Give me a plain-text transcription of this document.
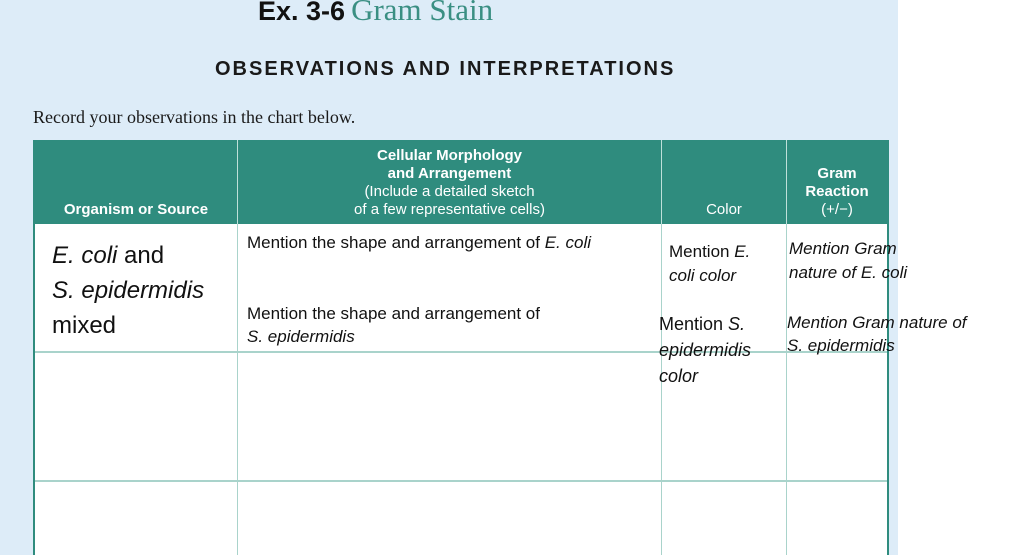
Ex. 3-6 Gram Stain
OBSERVATIONS AND INTERPRETATIONS
Record your observations in the chart below.
Organism or Source
Cellular Morphology
and Arrangement
(Include a detailed sketch
of a few representative cells)	Color
Gram
Reaction
(+/−)
E. coli and
S. epidermidis
mixed
Mention the shape and arrangement of E. coli
Mention the shape and arrangement of
S. epidermidis
Mention E.
coli color
Mention Gram
nature of E. coli
Mention S.
epidermidis
color
Mention Gram nature of
S. epidermidis
